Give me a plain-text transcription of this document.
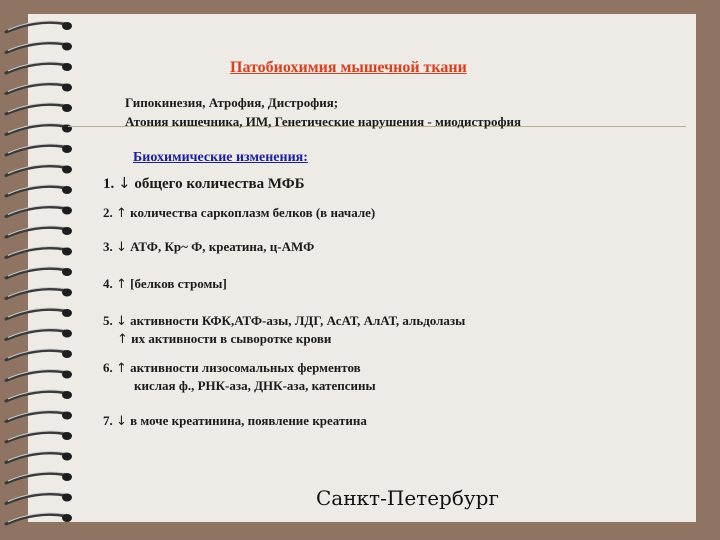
Патобиохимия мышечной ткани
Гипокинезия, Атрофия, Дистрофия;
Атония кишечника, ИМ, Генетические нарушения - миодистрофия
Биохимические изменения:
1. ↓ общего количества МФБ
2. ↑ количества саркоплазм белков (в начале)
3. ↓ АТФ, Кр~ Ф, креатина, ц-АМФ
4. ↑ [белков стромы]
5. ↓ активности КФК,АТФ-азы, ЛДГ, АсАТ, АлАТ, альдолазы
↑ их активности в сыворотке крови
6. ↑ активности лизосомальных ферментов
кислая ф., РНК-аза, ДНК-аза, катепсины
7. ↓ в моче креатинина, появление креатина
Санкт-Петербург
